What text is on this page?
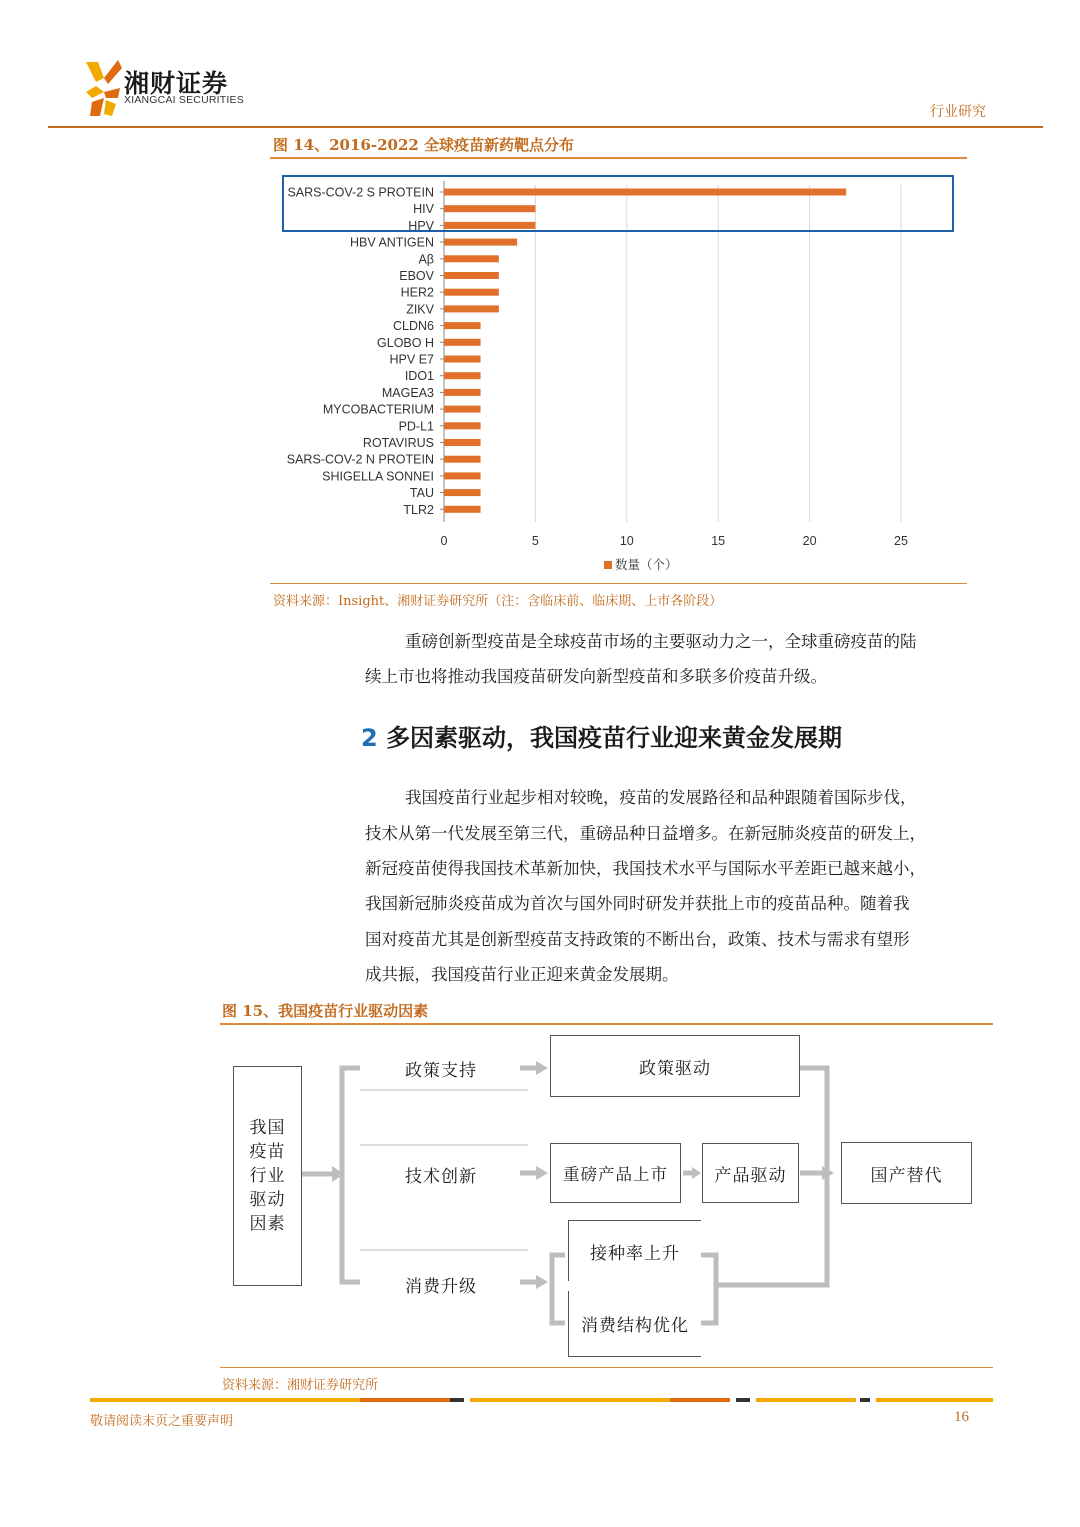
湘财证券
XIANGCAI SECURITIES
行业研究
图 14、2016-2022 全球疫苗新药靶点分布
0	5	10	15	20	25
SARS-COV-2 S PROTEIN
HIV
HPV
HBV ANTIGEN
Aβ
EBOV
HER2
ZIKV
CLDN6
GLOBO H
HPV E7
IDO1
MAGEA3
MYCOBACTERIUM
PD-L1
ROTAVIRUS
SARS-COV-2 N PROTEIN
SHIGELLA SONNEI
TAU
TLR2
数量（个）
资料来源：Insight、湘财证券研究所（注：含临床前、临床期、上市各阶段）
重磅创新型疫苗是全球疫苗市场的主要驱动力之一，全球重磅疫苗的陆
续上市也将推动我国疫苗研发向新型疫苗和多联多价疫苗升级。
2 多因素驱动，我国疫苗行业迎来黄金发展期
我国疫苗行业起步相对较晚，疫苗的发展路径和品种跟随着国际步伐，
技术从第一代发展至第三代，重磅品种日益增多。在新冠肺炎疫苗的研发上，
新冠疫苗使得我国技术革新加快，我国技术水平与国际水平差距已越来越小，
我国新冠肺炎疫苗成为首次与国外同时研发并获批上市的疫苗品种。随着我
国对疫苗尤其是创新型疫苗支持政策的不断出台，政策、技术与需求有望形
成共振，我国疫苗行业正迎来黄金发展期。
图 15、我国疫苗行业驱动因素
我国
疫苗
行业
驱动
因素
政策支持	政策驱动
技术创新	重磅产品上市	产品驱动	国产替代
消费升级
接种率上升
消费结构优化
资料来源：湘财证券研究所
敬请阅读末页之重要声明	16
